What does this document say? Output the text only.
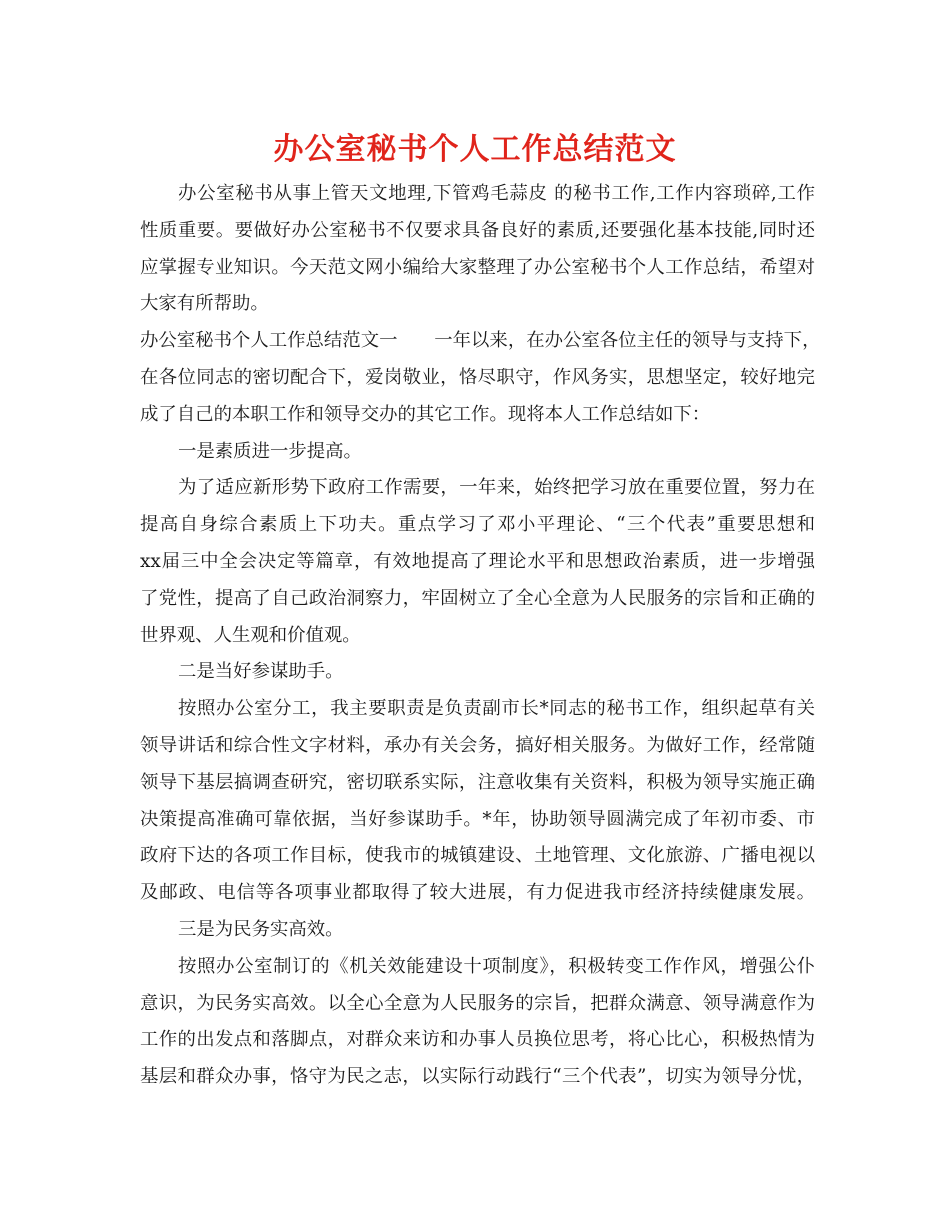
办公室秘书个人工作总结范文
办公室秘书从事上管天文地理,下管鸡毛蒜皮 的秘书工作,工作内容琐碎,工作
性质重要。要做好办公室秘书不仅要求具备良好的素质,还要强化基本技能,同时还
应掌握专业知识。今天范文网小编给大家整理了办公室秘书个人工作总结，希望对
大家有所帮助。
办公室秘书个人工作总结范文一　　一年以来，在办公室各位主任的领导与支持下，
在各位同志的密切配合下，爱岗敬业，恪尽职守，作风务实，思想坚定，较好地完
成了自己的本职工作和领导交办的其它工作。现将本人工作总结如下：
一是素质进一步提高。
为了适应新形势下政府工作需要，一年来，始终把学习放在重要位置，努力在
提高自身综合素质上下功夫。重点学习了邓小平理论、“三个代表”重要思想和
xx届三中全会决定等篇章，有效地提高了理论水平和思想政治素质，进一步增强
了党性，提高了自己政治洞察力，牢固树立了全心全意为人民服务的宗旨和正确的
世界观、人生观和价值观。
二是当好参谋助手。
按照办公室分工，我主要职责是负责副市长*同志的秘书工作，组织起草有关
领导讲话和综合性文字材料，承办有关会务，搞好相关服务。为做好工作，经常随
领导下基层搞调查研究，密切联系实际，注意收集有关资料，积极为领导实施正确
决策提高准确可靠依据，当好参谋助手。*年，协助领导圆满完成了年初市委、市
政府下达的各项工作目标，使我市的城镇建设、土地管理、文化旅游、广播电视以
及邮政、电信等各项事业都取得了较大进展，有力促进我市经济持续健康发展。
三是为民务实高效。
按照办公室制订的《机关效能建设十项制度》，积极转变工作作风，增强公仆
意识，为民务实高效。以全心全意为人民服务的宗旨，把群众满意、领导满意作为
工作的出发点和落脚点，对群众来访和办事人员换位思考，将心比心，积极热情为
基层和群众办事，恪守为民之志，以实际行动践行“三个代表”，切实为领导分忧，
